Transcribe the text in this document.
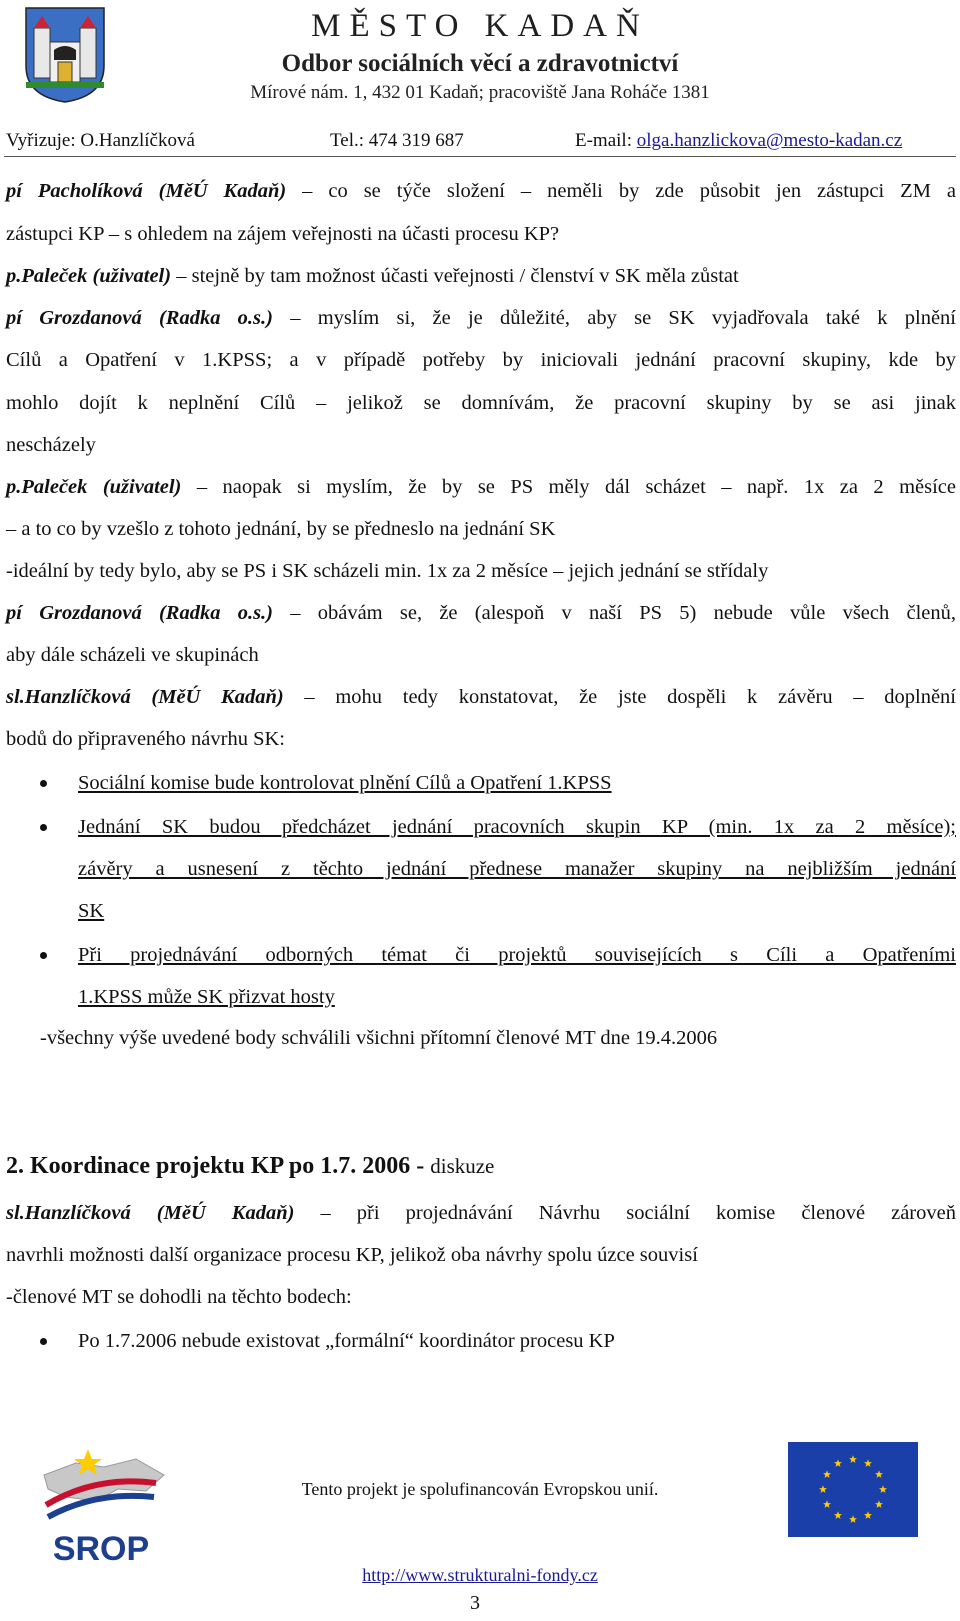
MĚSTO KADAŇ
Odbor sociálních věcí a zdravotnictví
Mírové nám. 1, 432 01 Kadaň; pracoviště Jana Roháče 1381
Vyřizuje: O.Hanzlíčková	Tel.: 474 319 687	E-mail: olga.hanzlickova@mesto-kadan.cz
pí Pacholíková (MěÚ Kadaň) – co se týče složení – neměli by zde působit jen zástupci ZM a
zástupci KP – s ohledem na zájem veřejnosti na účasti procesu KP?
p.Paleček (uživatel) – stejně by tam možnost účasti veřejnosti / členství v SK měla zůstat
pí Grozdanová (Radka o.s.) – myslím si, že je důležité, aby se SK vyjadřovala také k plnění
Cílů a Opatření v 1.KPSS; a v případě potřeby by iniciovali jednání pracovní skupiny, kde by
mohlo dojít k neplnění Cílů – jelikož se domnívám, že pracovní skupiny by se asi jinak
nescházely
p.Paleček (uživatel) – naopak si myslím, že by se PS měly dál scházet – např. 1x za 2 měsíce
– a to co by vzešlo z tohoto jednání, by se předneslo na jednání SK
-ideální by tedy bylo, aby se PS i SK scházeli min. 1x za 2 měsíce – jejich jednání se střídaly
pí Grozdanová (Radka o.s.) – obávám se, že (alespoň v naší PS 5) nebude vůle všech členů,
aby dále scházeli ve skupinách
sl.Hanzlíčková (MěÚ Kadaň) – mohu tedy konstatovat, že jste dospěli k závěru – doplnění
bodů do připraveného návrhu SK:
Sociální komise bude kontrolovat plnění Cílů a Opatření 1.KPSS
Jednání SK budou předcházet jednání pracovních skupin KP (min. 1x za 2 měsíce);
závěry a usnesení z těchto jednání přednese manažer skupiny na nejbližším jednání
SK
Při projednávání odborných témat či projektů souvisejících s Cíli a Opatřeními
1.KPSS může SK přizvat hosty
-všechny výše uvedené body schválili všichni přítomní členové MT dne 19.4.2006
2. Koordinace projektu KP po 1.7. 2006 - diskuze
sl.Hanzlíčková (MěÚ Kadaň) – při projednávání Návrhu sociální komise členové zároveň
navrhli možnosti další organizace procesu KP, jelikož oba návrhy spolu úzce souvisí
-členové MT se dohodli na těchto bodech:
Po 1.7.2006 nebude existovat „formální“ koordinátor procesu KP
SROP
Tento projekt je spolufinancován Evropskou unií.
http://www.strukturalni-fondy.cz
3
